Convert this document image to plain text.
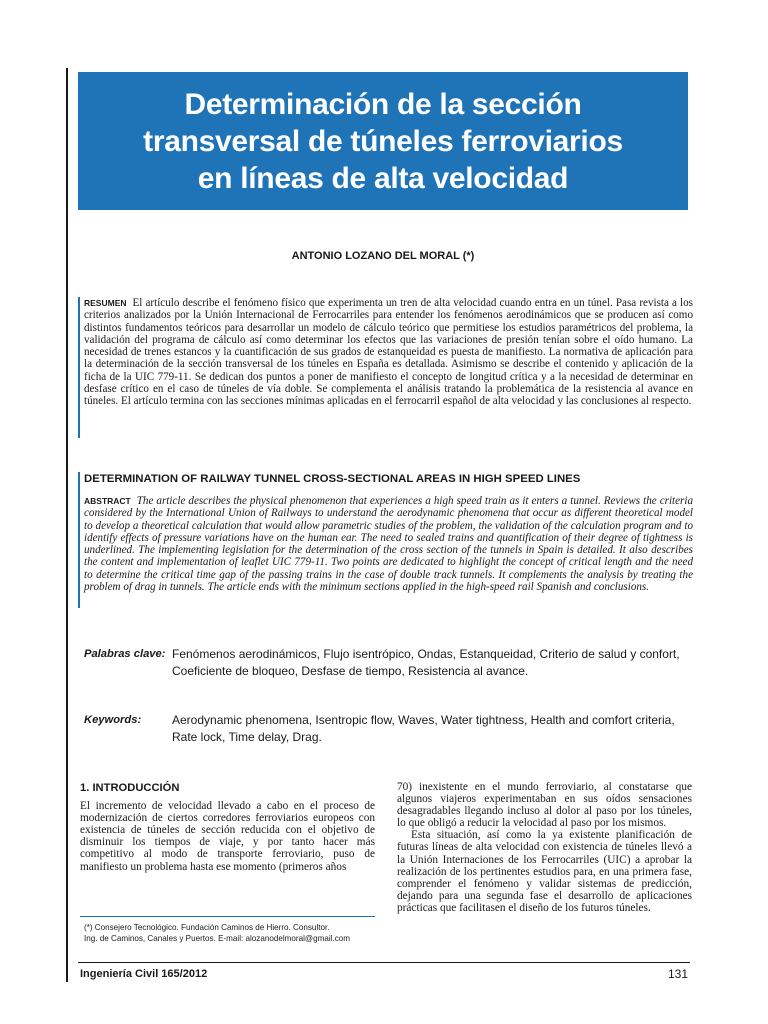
Determinación de la sección
transversal de túneles ferroviarios
en líneas de alta velocidad
ANTONIO LOZANO DEL MORAL (*)

RESUMEN El artículo describe el fenómeno físico que experimenta un tren de alta velocidad cuando entra en un túnel. Pasa revista a los criterios analizados por la Unión Internacional de Ferrocarriles para entender los fenómenos aerodinámicos que se producen así como distintos fundamentos teóricos para desarrollar un modelo de cálculo teórico que permitiese los estudios paramétricos del problema, la validación del programa de cálculo así como determinar los efectos que las variaciones de presión tenían sobre el oído humano. La necesidad de trenes estancos y la cuantificación de sus grados de estanqueidad es puesta de manifiesto. La normativa de aplicación para la determinación de la sección transversal de los túneles en España es detallada. Asimismo se describe el contenido y aplicación de la ficha de la UIC 779-11. Se dedican dos puntos a poner de manifiesto el concepto de longitud crítica y a la necesidad de determinar en desfase crítico en el caso de túneles de vía doble. Se complementa el análisis tratando la problemática de la resistencia al avance en túneles. El artículo termina con las secciones mínimas aplicadas en el ferrocarril español de alta velocidad y las conclusiones al respecto.

DETERMINATION OF RAILWAY TUNNEL CROSS-SECTIONAL AREAS IN HIGH SPEED LINES

ABSTRACT The article describes the physical phenomenon that experiences a high speed train as it enters a tunnel. Reviews the criteria considered by the International Union of Railways to understand the aerodynamic phenomena that occur as different theoretical model to develop a theoretical calculation that would allow parametric studies of the problem, the validation of the calculation program and to identify effects of pressure variations have on the human ear. The need to sealed trains and quantification of their degree of tightness is underlined. The implementing legislation for the determination of the cross section of the tunnels in Spain is detailed. It also describes the content and implementation of leaflet UIC 779-11. Two points are dedicated to highlight the concept of critical length and the need to determine the critical time gap of the passing trains in the case of double track tunnels. It complements the analysis by treating the problem of drag in tunnels. The article ends with the minimum sections applied in the high-speed rail Spanish and conclusions.

Palabras clave: Fenómenos aerodinámicos, Flujo isentrópico, Ondas, Estanqueidad, Criterio de salud y confort,
Coeficiente de bloqueo, Desfase de tiempo, Resistencia al avance.
Keywords:	Aerodynamic phenomena, Isentropic flow, Waves, Water tightness, Health and comfort criteria,
Rate lock, Time delay, Drag.

1. INTRODUCCIÓN

El incremento de velocidad llevado a cabo en el proceso de modernización de ciertos corredores ferroviarios europeos con existencia de túneles de sección reducida con el objetivo de disminuir los tiempos de viaje, y por tanto hacer más competitivo al modo de transporte ferroviario, puso de manifiesto un problema hasta ese momento (primeros años

70) inexistente en el mundo ferroviario, al constatarse que algunos viajeros experimentaban en sus oídos sensaciones desagradables llegando incluso al dolor al paso por los túneles, lo que obligó a reducir la velocidad al paso por los mismos.

Esta situación, así como la ya existente planificación de futuras líneas de alta velocidad con existencia de túneles llevó a la Unión Internaciones de los Ferrocarriles (UIC) a aprobar la realización de los pertinentes estudios para, en una primera fase, comprender el fenómeno y validar sistemas de predicción, dejando para una segunda fase el desarrollo de aplicaciones prácticas que facilitasen el diseño de los futuros túneles.

(*) Consejero Tecnológico. Fundación Caminos de Hierro. Consultor.
Ing. de Caminos, Canales y Puertos. E-mail: alozanodelmoral@gmail.com

Ingeniería Civil 165/2012	131
